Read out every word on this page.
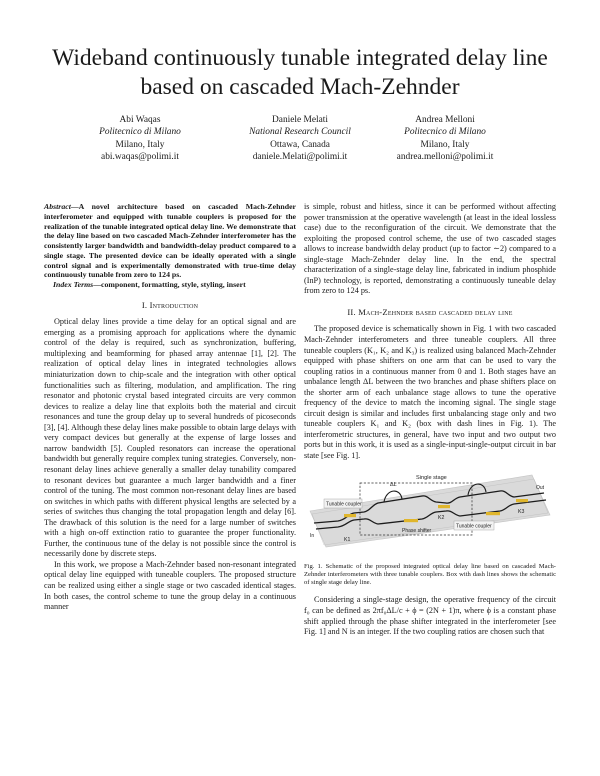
Wideband continuously tunable integrated delay line
based on cascaded Mach-Zehnder
Abi Waqas
Politecnico di Milano
Milano, Italy
abi.waqas@polimi.it
Daniele Melati
National Research Council
Ottawa, Canada
daniele.Melati@polimi.it
Andrea Melloni
Politecnico di Milano
Milano, Italy
andrea.melloni@polimi.it

Abstract—A novel architecture based on cascaded Mach-Zehnder interferometer and equipped with tunable couplers is proposed for the realization of the tunable integrated optical delay line. We demonstrate that the delay line based on two cascaded Mach-Zehnder interferometer has the consistently larger bandwidth and bandwidth-delay product compared to a single stage. The presented device can be ideally operated with a single control signal and is experimentally demonstrated with true-time delay continuously tunable from zero to 124 ps.

Index Terms—component, formatting, style, styling, insert

I. Introduction

Optical delay lines provide a time delay for an optical signal and are emerging as a promising approach for applications where the dynamic control of the delay is required, such as synchronization, buffering, multiplexing and beamforming for phased array antennae [1], [2]. The realization of optical delay lines in integrated technologies allows miniaturization down to chip-scale and the integration with other optical functionalities such as filtering, modulation, and amplification. The ring resonator and photonic crystal based integrated circuits are very common devices to realize a delay line that exploits both the material and circuit resonances and tune the group delay up to several hundreds of picoseconds [3], [4]. Although these delay lines make possible to obtain large delays with very compact devices but generally at the expense of large losses and narrow bandwidth [5]. Coupled resonators can increase the operational bandwidth but generally require complex tuning strategies. Conversely, non-resonant delay lines achieve generally a smaller delay tunability compared to resonant devices but guarantee a much larger bandwidth and a finer control of the tuning. The most common non-resonant delay lines are based on switches in which paths with different physical lengths are selected by a series of switches thus changing the total propagation length and delay [6]. The drawback of this solution is the need for a large number of switches with a high on-off extinction ratio to guarantee the proper functionality. Further, the continuous tune of the delay is not possible since the control is necessarily done by discrete steps.

In this work, we propose a Mach-Zehnder based non-resonant integrated optical delay line equipped with tuneable couplers. The proposed structure can be realized using either a single stage or two cascaded identical stages. In both cases, the control scheme to tune the group delay in a continuous manner

is simple, robust and hitless, since it can be performed without affecting power transmission at the operative wavelength (at least in the ideal lossless case) due to the reconfiguration of the circuit. We demonstrate that the exploiting the proposed control scheme, the use of two cascaded stages allows to increase bandwidth delay product (up to factor ∼2) compared to a single-stage Mach-Zehnder delay line. In the end, the spectral characterization of a single-stage delay line, fabricated in indium phosphide (InP) technology, is reported, demonstrating a continuously tuneable delay from zero to 124 ps.

II. Mach-Zehnder based cascaded delay line

The proposed device is schematically shown in Fig. 1 with two cascaded Mach-Zehnder interferometers and three tuneable couplers. All three tuneable couplers (K₁, K₂ and K₃) is realized using balanced Mach-Zehnder equipped with phase shifters on one arm that can be used to vary the coupling ratios in a continuous manner from 0 and 1. Both stages have an unbalance length ΔL between the two branches and phase shifters place on the shorter arm of each unbalance stage allows to tune the operative frequency of the device to match the incoming signal. The single stage circuit design is similar and includes first unbalancing stage only and two tuneable couplers K₁ and K₂ (box with dash lines in Fig. 1). The interferometric structures, in general, have two input and two output two ports but in this work, it is used as a single-input-single-output circuit in bar state [see Fig. 1].

Single stage
Tunable coupler
Tunable coupler
Phase shifter
ΔL
K1
K2
K3
In
Out

Fig. 1. Schematic of the proposed integrated optical delay line based on cascaded Mach-Zehnder interferometers with three tunable couplers. Box with dash lines shows the schematic of single stage delay line.

Considering a single-stage design, the operative frequency of the circuit f₀ can be defined as 2πf₀ΔL/c + ϕ = (2N + 1)π, where ϕ is a constant phase shift applied through the phase shifter integrated in the interferometer [see Fig. 1] and N is an integer. If the two coupling ratios are chosen such that
